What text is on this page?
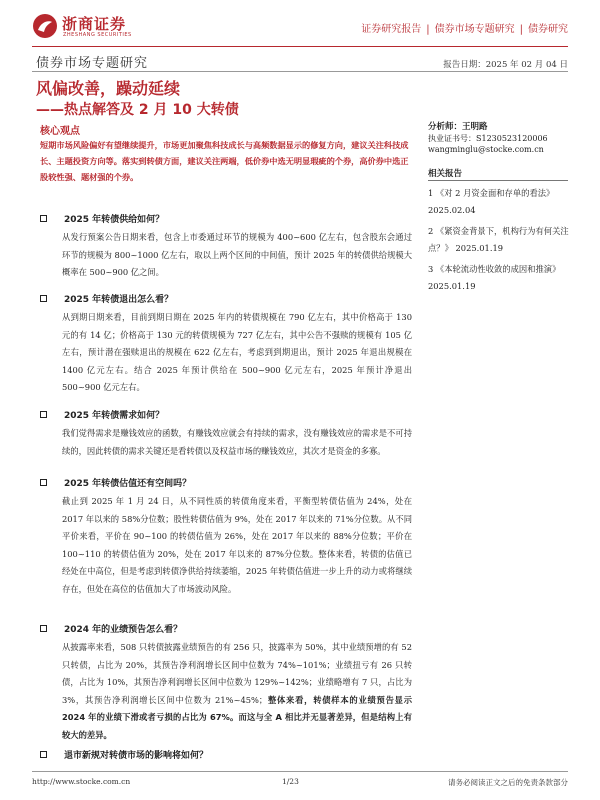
浙商证券
ZHESHANG SECURITIES	证券研究报告 | 债券市场专题研究 | 债券研究
债券市场专题研究	报告日期：2025 年 02 月 04 日
风偏改善，躁动延续
——热点解答及 2 月 10 大转债
核心观点
短期市场风险偏好有望继续提升，市场更加聚焦科技成长与高频数据显示的修复方向，建议关注科技成长、主题投资方向等。落实到转债方面，建议关注两端，低价券中选无明显瑕疵的个券，高价券中选正股较性强、题材强的个券。
分析师：王明路
执业证书号：S1230523120006
wangminglu@stocke.com.cn
相关报告
1 《对 2 月资金面和存单的看法》 2025.02.04
2 《紧资金背景下，机构行为有何关注点？》 2025.01.19
3 《本轮流动性收敛的成因和推演》 2025.01.19
2025 年转债供给如何？
从发行预案公告日期来看，包含上市委通过环节的规模为 400~600 亿左右，包含股东会通过环节的规模为 800~1000 亿左右，取以上两个区间的中间值，预计 2025 年的转债供给规模大概率在 500~900 亿之间。
2025 年转债退出怎么看？
从到期日期来看，目前到期日期在 2025 年内的转债规模在 790 亿左右，其中价格高于 130 元的有 14 亿；价格高于 130 元的转债规模为 727 亿左右，其中公告不强赎的规模有 105 亿左右，预计潜在强赎退出的规模在 622 亿左右，考虑到到期退出，预计 2025 年退出规模在 1400 亿元左右。结合 2025 年预计供给在 500~900 亿元左右，2025 年预计净退出 500~900 亿元左右。
2025 年转债需求如何？
我们觉得需求是赚钱效应的函数，有赚钱效应就会有持续的需求，没有赚钱效应的需求是不可持续的，因此转债的需求关键还是看转债以及权益市场的赚钱效应，其次才是资金的多寡。
2025 年转债估值还有空间吗？
截止到 2025 年 1 月 24 日，从不同性质的转债角度来看，平衡型转债估值为 24%，处在 2017 年以来的 58%分位数；股性转债估值为 9%，处在 2017 年以来的 71%分位数。从不同平价来看，平价在 90~100 的转债估值为 26%，处在 2017 年以来的 88%分位数；平价在 100~110 的转债估值为 20%，处在 2017 年以来的 87%分位数。整体来看，转债的估值已经处在中高位，但是考虑到转债净供给持续萎缩，2025 年转债估值进一步上升的动力或将继续存在，但处在高位的估值加大了市场波动风险。
2024 年的业绩预告怎么看？
从披露率来看，508 只转债披露业绩预告的有 256 只，披露率为 50%，其中业绩预增的有 52 只转债，占比为 20%，其预告净利润增长区间中位数为 74%~101%；业绩扭亏有 26 只转债，占比为 10%，其预告净利润增长区间中位数为 129%~142%；业绩略增有 7 只，占比为 3%，其预告净利润增长区间中位数为 21%~45%；整体来看，转债样本的业绩预告显示 2024 年的业绩下滑或者亏损的占比为 67%。而这与全 A 相比并无显著差异，但是结构上有较大的差异。
退市新规对转债市场的影响将如何？
http://www.stocke.com.cn	1/23	请务必阅读正文之后的免责条款部分
